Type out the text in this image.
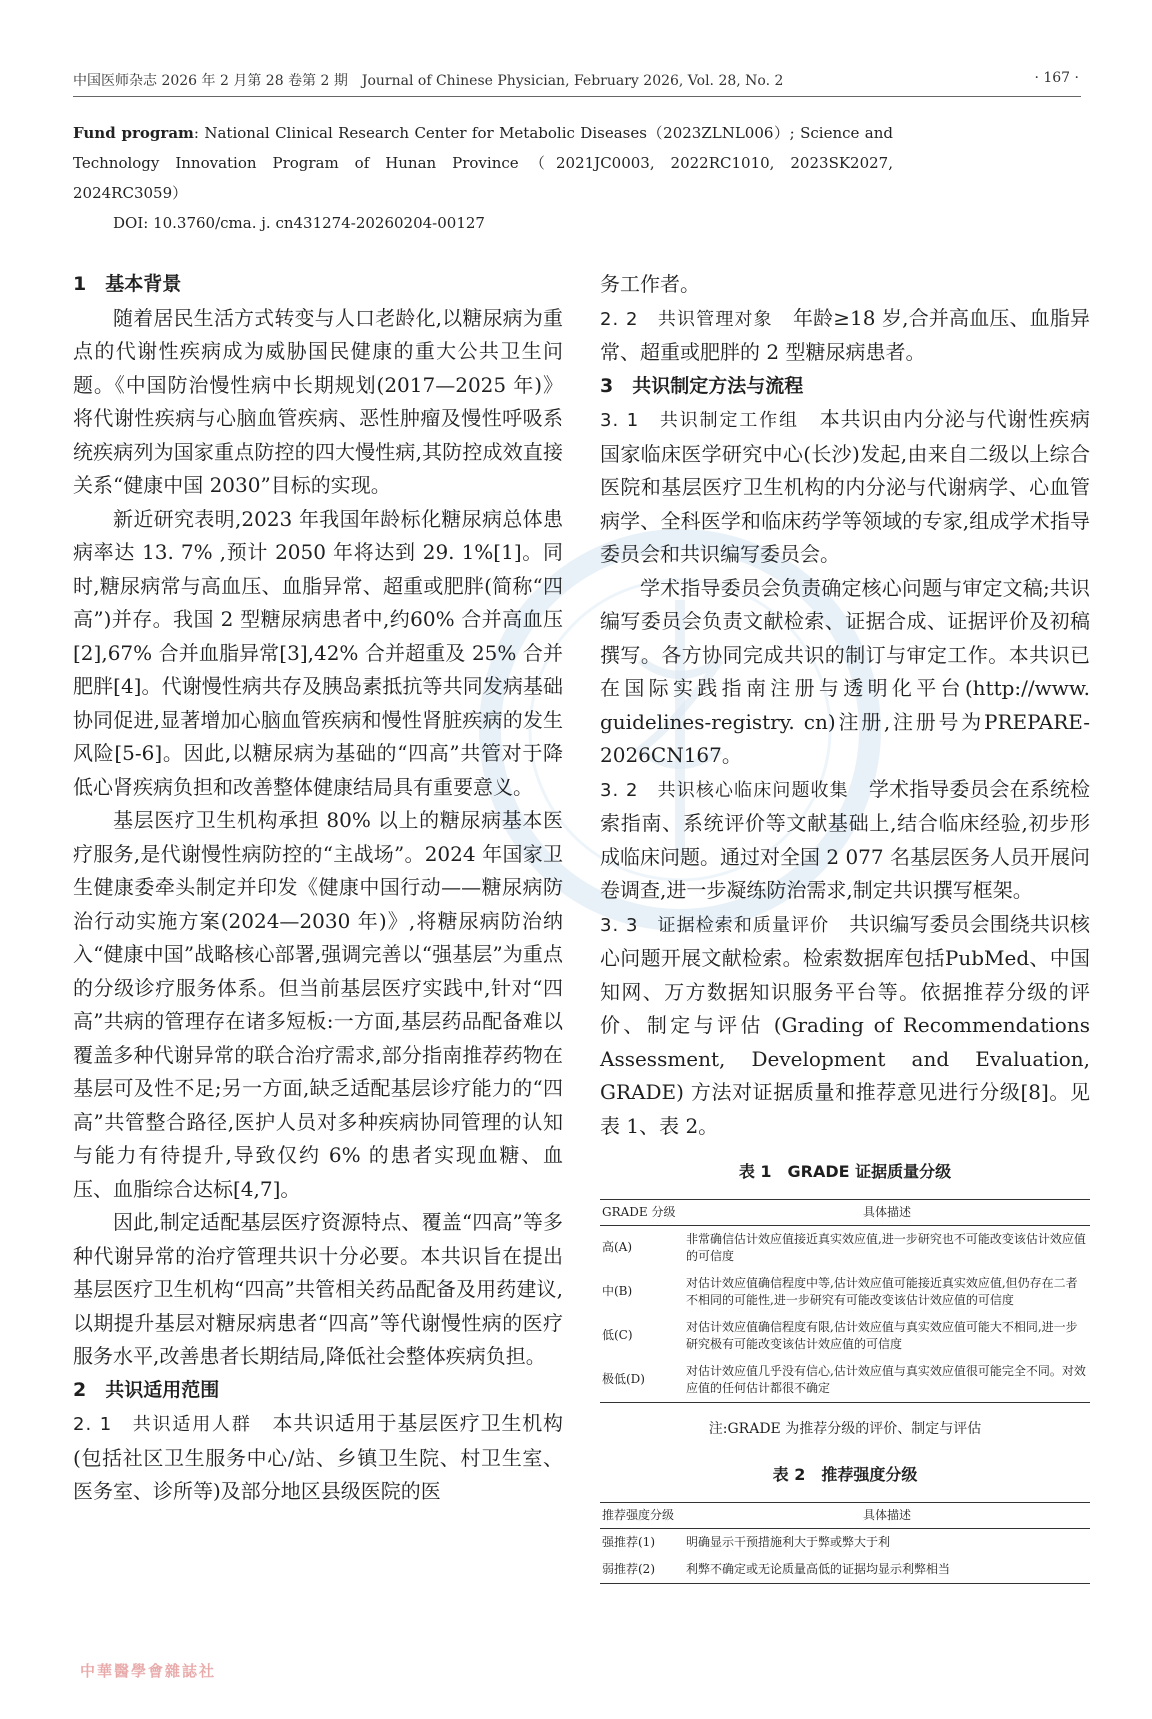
中国医师杂志 2026 年 2 月第 28 卷第 2 期　Journal of Chinese Physician, February 2026, Vol. 28, No. 2	· 167 ·
Fund program: National Clinical Research Center for Metabolic Diseases（2023ZLNL006）; Science and Technology Innovation Program of Hunan Province（2021JC0003, 2022RC1010, 2023SK2027, 2024RC3059）
DOI: 10.3760/cma. j. cn431274-20260204-00127

1　基本背景

随着居民生活方式转变与人口老龄化,以糖尿病为重点的代谢性疾病成为威胁国民健康的重大公共卫生问题。《中国防治慢性病中长期规划(2017—2025 年)》将代谢性疾病与心脑血管疾病、恶性肿瘤及慢性呼吸系统疾病列为国家重点防控的四大慢性病,其防控成效直接关系“健康中国 2030”目标的实现。

新近研究表明,2023 年我国年龄标化糖尿病总体患病率达 13. 7% ,预计 2050 年将达到 29. 1%[1]。同时,糖尿病常与高血压、血脂异常、超重或肥胖(简称“四高”)并存。我国 2 型糖尿病患者中,约60% 合并高血压[2],67% 合并血脂异常[3],42% 合并超重及 25% 合并肥胖[4]。代谢慢性病共存及胰岛素抵抗等共同发病基础协同促进,显著增加心脑血管疾病和慢性肾脏疾病的发生风险[5-6]。因此,以糖尿病为基础的“四高”共管对于降低心肾疾病负担和改善整体健康结局具有重要意义。

基层医疗卫生机构承担 80% 以上的糖尿病基本医疗服务,是代谢慢性病防控的“主战场”。2024 年国家卫生健康委牵头制定并印发《健康中国行动——糖尿病防治行动实施方案(2024—2030 年)》,将糖尿病防治纳入“健康中国”战略核心部署,强调完善以“强基层”为重点的分级诊疗服务体系。但当前基层医疗实践中,针对“四高”共病的管理存在诸多短板:一方面,基层药品配备难以覆盖多种代谢异常的联合治疗需求,部分指南推荐药物在基层可及性不足;另一方面,缺乏适配基层诊疗能力的“四高”共管整合路径,医护人员对多种疾病协同管理的认知与能力有待提升,导致仅约 6% 的患者实现血糖、血压、血脂综合达标[4,7]。

因此,制定适配基层医疗资源特点、覆盖“四高”等多种代谢异常的治疗管理共识十分必要。本共识旨在提出基层医疗卫生机构“四高”共管相关药品配备及用药建议,以期提升基层对糖尿病患者“四高”等代谢慢性病的医疗服务水平,改善患者长期结局,降低社会整体疾病负担。

2　共识适用范围

2. 1　共识适用人群　本共识适用于基层医疗卫生机构(包括社区卫生服务中心/站、乡镇卫生院、村卫生室、医务室、诊所等)及部分地区县级医院的医

务工作者。

2. 2　共识管理对象　年龄≥18 岁,合并高血压、血脂异常、超重或肥胖的 2 型糖尿病患者。

3　共识制定方法与流程

3. 1　共识制定工作组　本共识由内分泌与代谢性疾病国家临床医学研究中心(长沙)发起,由来自二级以上综合医院和基层医疗卫生机构的内分泌与代谢病学、心血管病学、全科医学和临床药学等领域的专家,组成学术指导委员会和共识编写委员会。

学术指导委员会负责确定核心问题与审定文稿;共识编写委员会负责文献检索、证据合成、证据评价及初稿撰写。各方协同完成共识的制订与审定工作。本共识已在国际实践指南注册与透明化平台(http://www. guidelines-registry. cn)注册,注册号为PREPARE-2026CN167。

3. 2　共识核心临床问题收集　学术指导委员会在系统检索指南、系统评价等文献基础上,结合临床经验,初步形成临床问题。通过对全国 2 077 名基层医务人员开展问卷调查,进一步凝练防治需求,制定共识撰写框架。

3. 3　证据检索和质量评价　共识编写委员会围绕共识核心问题开展文献检索。检索数据库包括PubMed、中国知网、万方数据知识服务平台等。依据推荐分级的评价、制定与评估 (Grading of Recommendations Assessment, Development and Evaluation, GRADE) 方法对证据质量和推荐意见进行分级[8]。见表 1、表 2。

表 1　GRADE 证据质量分级
GRADE 分级	具体描述
高(A)	非常确信估计效应值接近真实效应值,进一步研究也不可能改变该估计效应值的可信度
中(B)	对估计效应值确信程度中等,估计效应值可能接近真实效应值,但仍存在二者不相同的可能性,进一步研究有可能改变该估计效应值的可信度
低(C)	对估计效应值确信程度有限,估计效应值与真实效应值可能大不相同,进一步研究极有可能改变该估计效应值的可信度
极低(D)	对估计效应值几乎没有信心,估计效应值与真实效应值很可能完全不同。对效应值的任何估计都很不确定
注:GRADE 为推荐分级的评价、制定与评估
表 2　推荐强度分级
推荐强度分级	具体描述
强推荐(1)	明确显示干预措施利大于弊或弊大于利
弱推荐(2)	利弊不确定或无论质量高低的证据均显示利弊相当
中華醫學會雜誌社
